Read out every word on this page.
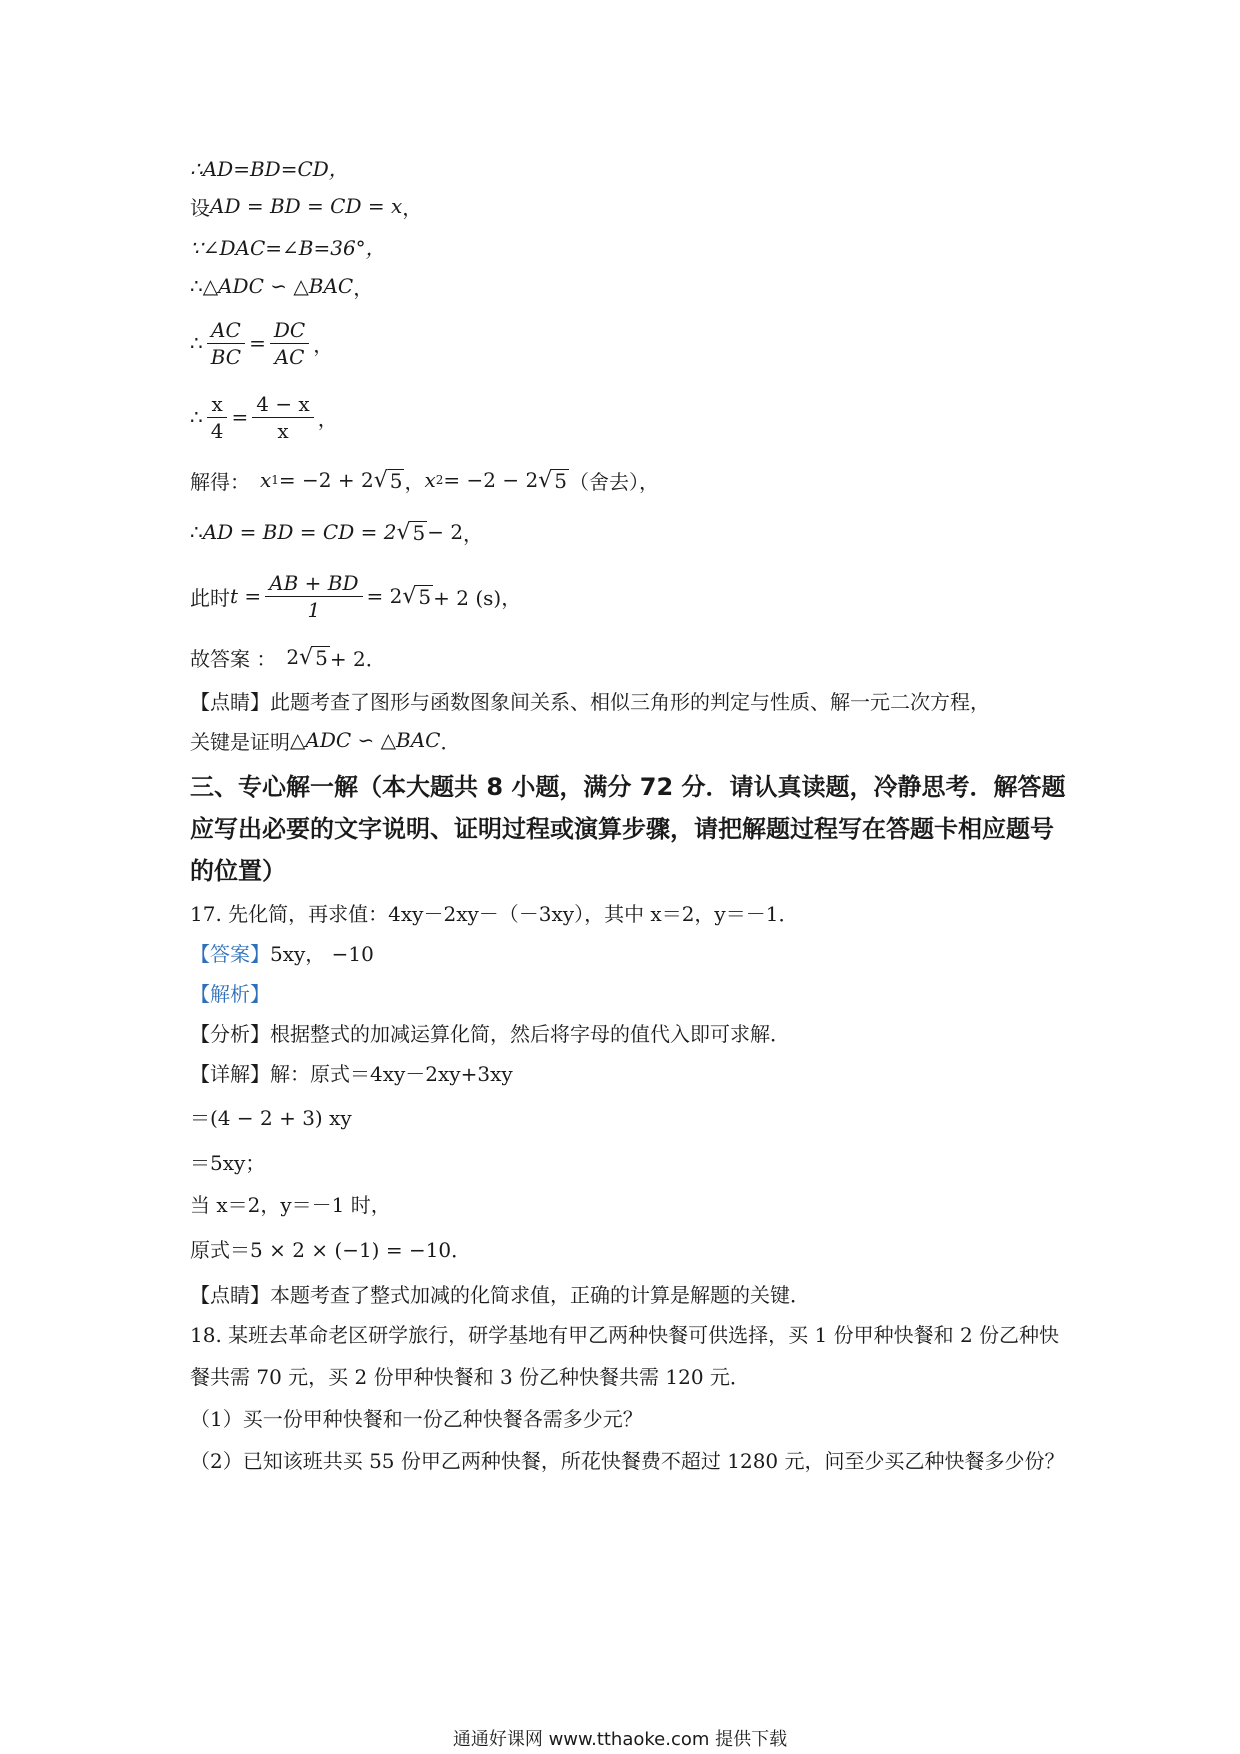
∴AD=BD=CD，
设 AD = BD = CD = x ，
∵∠DAC=∠B=36°，
∴ △ADC ∽ △BAC ，
∴ $\frac{AC}{BC} = \frac{DC}{AC}$ ，
∴ $\frac{x}{4} = \frac{4 - x}{x}$ ，
解得： x 1 = −2 + 2 √ 5 ， x 2 = −2 − 2 √ 5 （舍去），
∴ AD = BD = CD = 2 √ 5 − 2 ，
此时 $t = \frac{AB + BD}{1} = 2$ √ 5 + 2 (s)，
故答案 ： 2 √ 5 + 2．
【点睛】此题考查了图形与函数图象间关系、相似三角形的判定与性质、解一元二次方程，
关键是证明 △ADC ∽ △BAC ．
三、专心解一解（本大题共 8 小题，满分 72 分．请认真读题，冷静思考．解答题应写出必要的文字说明、证明过程或演算步骤，请把解题过程写在答题卡相应题号的位置）
17. 先化简，再求值：4xy－2xy－（－3xy），其中 x＝2，y＝－1．
【答案】 5xy， −10
【解析】
【分析】根据整式的加减运算化简，然后将字母的值代入即可求解．
【详解】解：原式＝4xy－2xy+3xy
＝(4 − 2 + 3) xy
＝5xy；
当 x＝2，y＝－1 时，
原式＝5 × 2 × (−1) = −10．
【点睛】本题考查了整式加减的化简求值，正确的计算是解题的关键．
18. 某班去革命老区研学旅行，研学基地有甲乙两种快餐可供选择，买 1 份甲种快餐和 2 份乙种快餐共需 70 元，买 2 份甲种快餐和 3 份乙种快餐共需 120 元．
（1）买一份甲种快餐和一份乙种快餐各需多少元？
（2）已知该班共买 55 份甲乙两种快餐，所花快餐费不超过 1280 元，问至少买乙种快餐多少份？
通通好课网 www.tthaoke.com 提供下载
